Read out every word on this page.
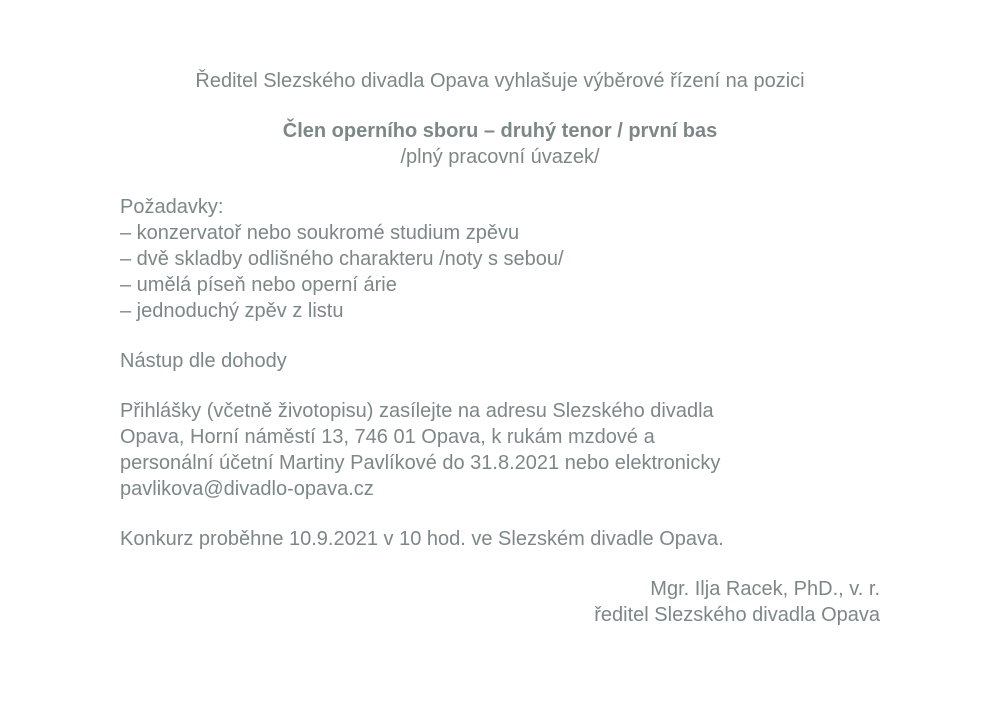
Ředitel Slezského divadla Opava vyhlašuje výběrové řízení na pozici
Člen operního sboru – druhý tenor / první bas
/plný pracovní úvazek/
Požadavky:
– konzervatoř nebo soukromé studium zpěvu
– dvě skladby odlišného charakteru /noty s sebou/
– umělá píseň nebo operní árie
– jednoduchý zpěv z listu
Nástup dle dohody
Přihlášky (včetně životopisu) zasílejte na adresu Slezského divadla
Opava, Horní náměstí 13, 746 01 Opava, k rukám mzdové a
personální účetní Martiny Pavlíkové do 31.8.2021 nebo elektronicky
pavlikova@divadlo-opava.cz
Konkurz proběhne 10.9.2021 v 10 hod. ve Slezském divadle Opava.
Mgr. Ilja Racek, PhD., v. r.
ředitel Slezského divadla Opava
